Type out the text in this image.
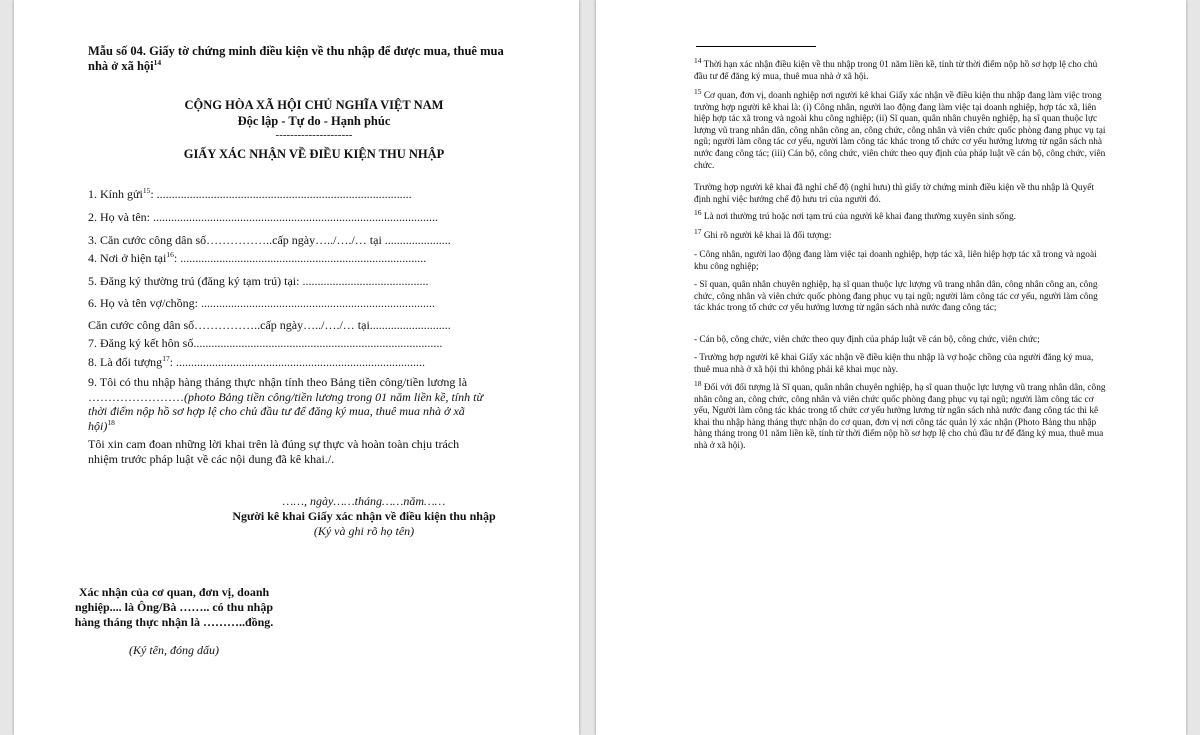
Mẫu số 04. Giấy tờ chứng minh điều kiện về thu nhập để được mua, thuê mua nhà ở xã hội$^{14}$
CỘNG HÒA XÃ HỘI CHỦ NGHĨA VIỆT NAM
Độc lập - Tự do - Hạnh phúc
---------------------
GIẤY XÁC NHẬN VỀ ĐIỀU KIỆN THU NHẬP
1. Kính gửi$^{15}$: .....................................................................................
2. Họ và tên: ...............................................................................................
3. Căn cước công dân số……………..cấp ngày…../…./… tại ......................
4. Nơi ở hiện tại$^{16}$: ..................................................................................
5. Đăng ký thường trú (đăng ký tạm trú) tại: ..........................................
6. Họ và tên vợ/chồng: ..............................................................................
Căn cước công dân số……………..cấp ngày…../…./… tại...........................
7. Đăng ký kết hôn số...................................................................................
8. Là đối tượng$^{17}$: ...................................................................................
9. Tôi có thu nhập hàng tháng thực nhận tính theo Bảng tiền công/tiền lương là ……………………(photo Bảng tiền công/tiền lương trong 01 năm liền kề, tính từ thời điểm nộp hồ sơ hợp lệ cho chủ đầu tư để đăng ký mua, thuê mua nhà ở xã hội)$^{18}$
Tôi xin cam đoan những lời khai trên là đúng sự thực và hoàn toàn chịu trách nhiệm trước pháp luật về các nội dung đã kê khai./.
……, ngày……tháng……năm……
Người kê khai Giấy xác nhận về điều kiện thu nhập
(Ký và ghi rõ họ tên)
Xác nhận của cơ quan, đơn vị, doanh nghiệp.... là Ông/Bà …….. có thu nhập hàng tháng thực nhận là ………..đồng.
(Ký tên, đóng dấu)
$^{14}$ Thời hạn xác nhận điều kiện về thu nhập trong 01 năm liền kề, tính từ thời điểm nộp hồ sơ hợp lệ cho chủ đầu tư để đăng ký mua, thuê mua nhà ở xã hội.
$^{15}$ Cơ quan, đơn vị, doanh nghiệp nơi người kê khai Giấy xác nhận về điều kiện thu nhập đang làm việc trong trường hợp người kê khai là: (i) Công nhân, người lao động đang làm việc tại doanh nghiệp, hợp tác xã, liên hiệp hợp tác xã trong và ngoài khu công nghiệp; (ii) Sĩ quan, quân nhân chuyên nghiệp, hạ sĩ quan thuộc lực lượng vũ trang nhân dân, công nhân công an, công chức, công nhân và viên chức quốc phòng đang phục vụ tại ngũ; người làm công tác cơ yếu, người làm công tác khác trong tổ chức cơ yếu hưởng lương từ ngân sách nhà nước đang công tác; (iii) Cán bộ, công chức, viên chức theo quy định của pháp luật về cán bộ, công chức, viên chức.
Trường hợp người kê khai đã nghỉ chế độ (nghỉ hưu) thì giấy tờ chứng minh điều kiện về thu nhập là Quyết định nghỉ việc hưởng chế độ hưu trí của người đó.
$^{16}$ Là nơi thường trú hoặc nơi tạm trú của người kê khai đang thường xuyên sinh sống.
$^{17}$ Ghi rõ người kê khai là đối tượng:
- Công nhân, người lao động đang làm việc tại doanh nghiệp, hợp tác xã, liên hiệp hợp tác xã trong và ngoài khu công nghiệp;
- Sĩ quan, quân nhân chuyên nghiệp, hạ sĩ quan thuộc lực lượng vũ trang nhân dân, công nhân công an, công chức, công nhân và viên chức quốc phòng đang phục vụ tại ngũ; người làm công tác cơ yếu, người làm công tác khác trong tổ chức cơ yếu hưởng lương từ ngân sách nhà nước đang công tác;
- Cán bộ, công chức, viên chức theo quy định của pháp luật về cán bộ, công chức, viên chức;
- Trường hợp người kê khai Giấy xác nhận về điều kiện thu nhập là vợ hoặc chồng của người đăng ký mua, thuê mua nhà ở xã hội thì không phải kê khai mục này.
$^{18}$ Đối với đối tượng là Sĩ quan, quân nhân chuyên nghiệp, hạ sĩ quan thuộc lực lượng vũ trang nhân dân, công nhân công an, công chức, công nhân và viên chức quốc phòng đang phục vụ tại ngũ; người làm công tác cơ yếu, Người làm công tác khác trong tổ chức cơ yếu hưởng lương từ ngân sách nhà nước đang công tác thì kê khai thu nhập hàng tháng thực nhận do cơ quan, đơn vị nơi công tác quản lý xác nhận (Photo Bảng thu nhập hàng tháng trong 01 năm liền kề, tính từ thời điểm nộp hồ sơ hợp lệ cho chủ đầu tư để đăng ký mua, thuê mua nhà ở xã hội).
